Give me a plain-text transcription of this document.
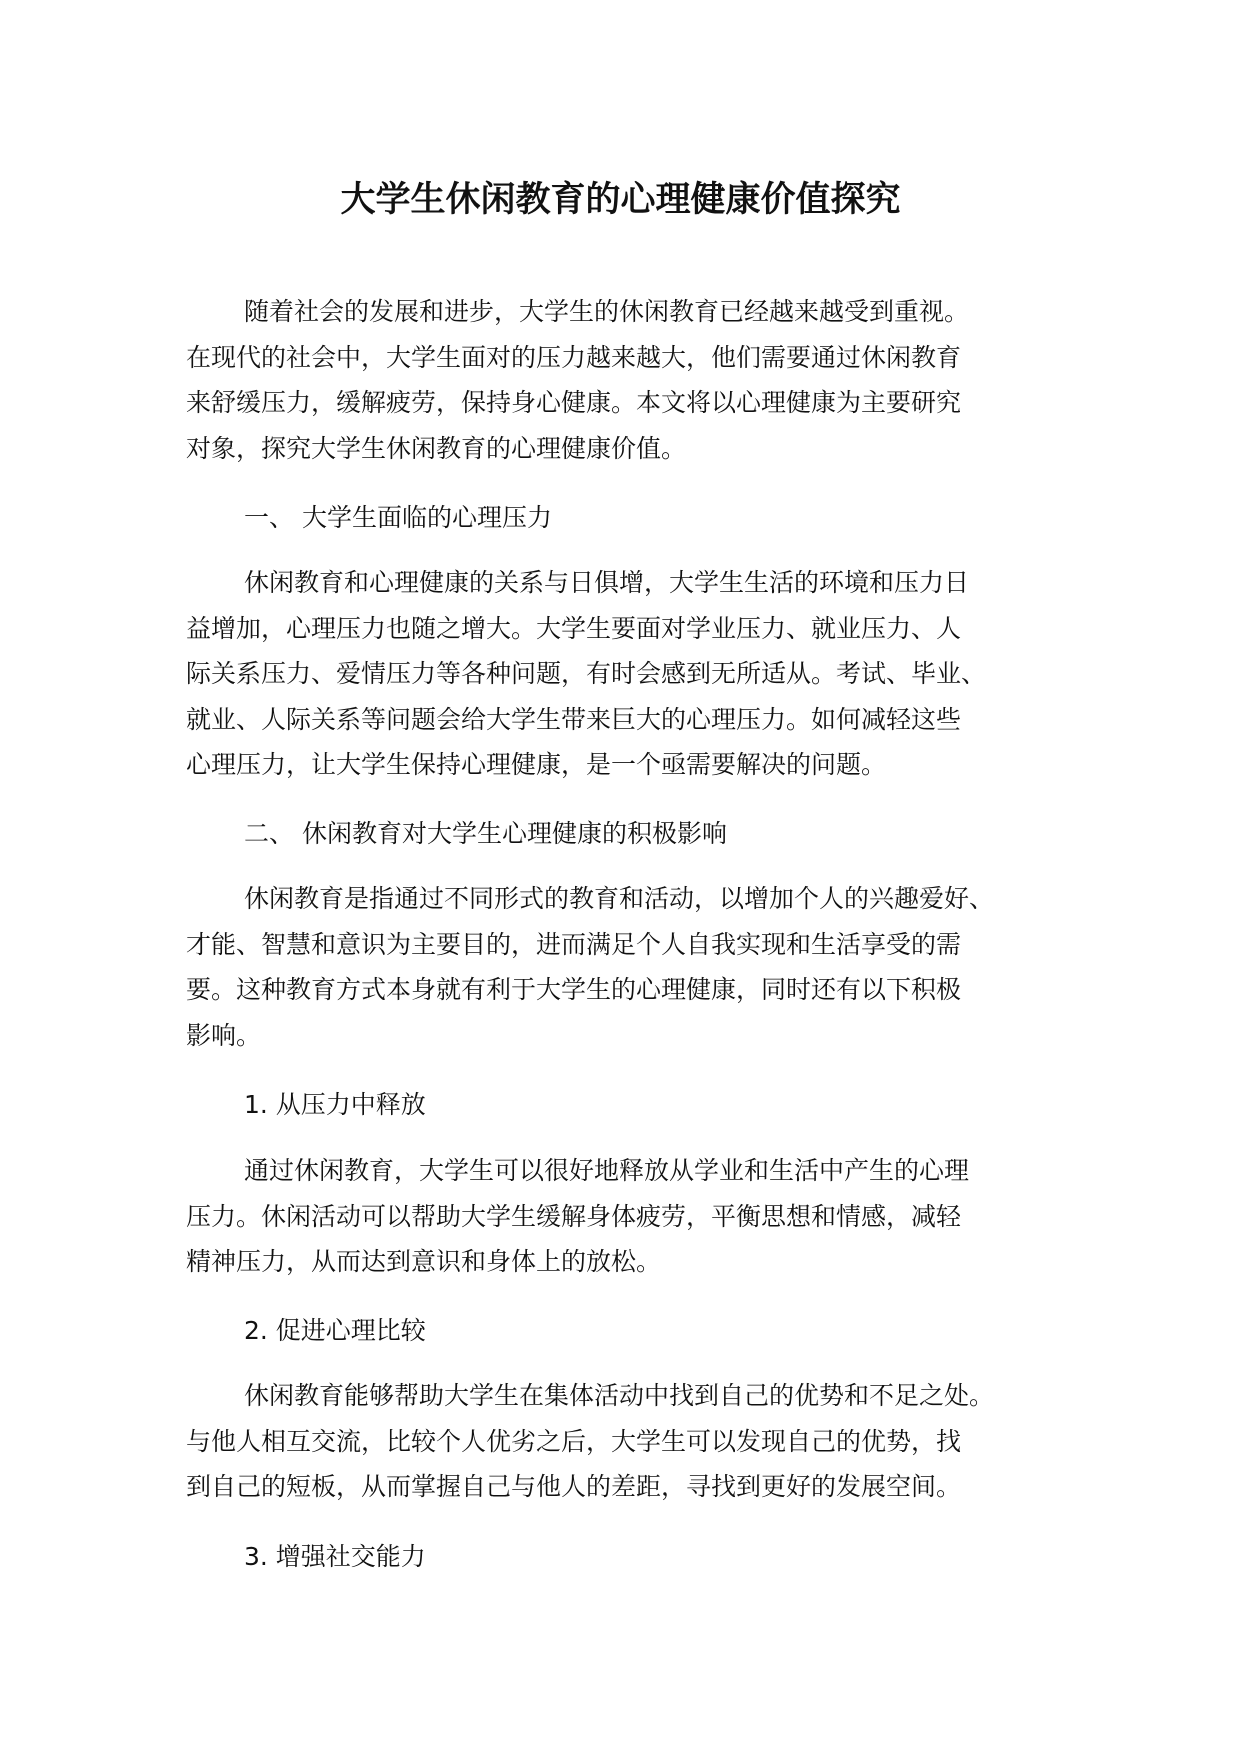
大学生休闲教育的心理健康价值探究
随着社会的发展和进步，大学生的休闲教育已经越来越受到重视。
在现代的社会中，大学生面对的压力越来越大，他们需要通过休闲教育
来舒缓压力，缓解疲劳，保持身心健康。本文将以心理健康为主要研究
对象，探究大学生休闲教育的心理健康价值。
一、 大学生面临的心理压力
休闲教育和心理健康的关系与日俱增，大学生生活的环境和压力日
益增加，心理压力也随之增大。大学生要面对学业压力、就业压力、人
际关系压力、爱情压力等各种问题，有时会感到无所适从。考试、毕业、
就业、人际关系等问题会给大学生带来巨大的心理压力。如何减轻这些
心理压力，让大学生保持心理健康，是一个亟需要解决的问题。
二、 休闲教育对大学生心理健康的积极影响
休闲教育是指通过不同形式的教育和活动，以增加个人的兴趣爱好、
才能、智慧和意识为主要目的，进而满足个人自我实现和生活享受的需
要。这种教育方式本身就有利于大学生的心理健康，同时还有以下积极
影响。
1. 从压力中释放
通过休闲教育，大学生可以很好地释放从学业和生活中产生的心理
压力。休闲活动可以帮助大学生缓解身体疲劳，平衡思想和情感，减轻
精神压力，从而达到意识和身体上的放松。
2. 促进心理比较
休闲教育能够帮助大学生在集体活动中找到自己的优势和不足之处。
与他人相互交流，比较个人优劣之后，大学生可以发现自己的优势，找
到自己的短板，从而掌握自己与他人的差距，寻找到更好的发展空间。
3. 增强社交能力
